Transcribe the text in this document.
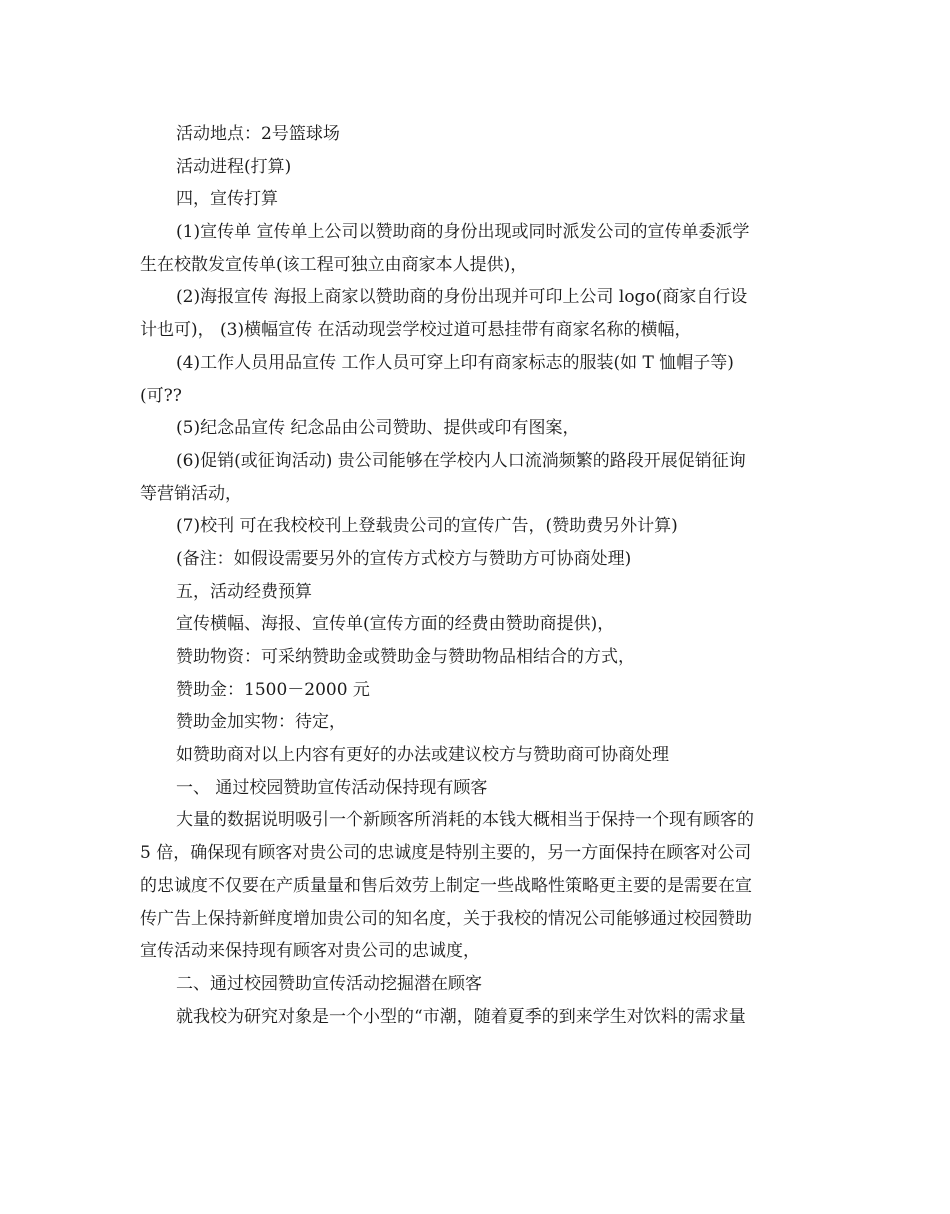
活动地点：2号篮球场
活动进程(打算)
四，宣传打算
(1)宣传单 宣传单上公司以赞助商的身份出现或同时派发公司的宣传单委派学
生在校散发宣传单(该工程可独立由商家本人提供)，
(2)海报宣传 海报上商家以赞助商的身份出现并可印上公司 logo(商家自行设
计也可)， (3)横幅宣传 在活动现尝学校过道可悬挂带有商家名称的横幅，
(4)工作人员用品宣传 工作人员可穿上印有商家标志的服装(如 T 恤帽子等)
(可??
(5)纪念品宣传 纪念品由公司赞助、提供或印有图案，
(6)促销(或征询活动) 贵公司能够在学校内人口流淌频繁的路段开展促销征询
等营销活动，
(7)校刊 可在我校校刊上登载贵公司的宣传广告，(赞助费另外计算)
(备注：如假设需要另外的宣传方式校方与赞助方可协商处理)
五，活动经费预算
宣传横幅、海报、宣传单(宣传方面的经费由赞助商提供)，
赞助物资：可采纳赞助金或赞助金与赞助物品相结合的方式，
赞助金：1500－2000 元
赞助金加实物：待定，
如赞助商对以上内容有更好的办法或建议校方与赞助商可协商处理
一、 通过校园赞助宣传活动保持现有顾客
大量的数据说明吸引一个新顾客所消耗的本钱大概相当于保持一个现有顾客的
5 倍，确保现有顾客对贵公司的忠诚度是特别主要的，另一方面保持在顾客对公司
的忠诚度不仅要在产质量量和售后效劳上制定一些战略性策略更主要的是需要在宣
传广告上保持新鲜度增加贵公司的知名度，关于我校的情况公司能够通过校园赞助
宣传活动来保持现有顾客对贵公司的忠诚度，
二、通过校园赞助宣传活动挖掘潜在顾客
就我校为研究对象是一个小型的“市潮，随着夏季的到来学生对饮料的需求量
